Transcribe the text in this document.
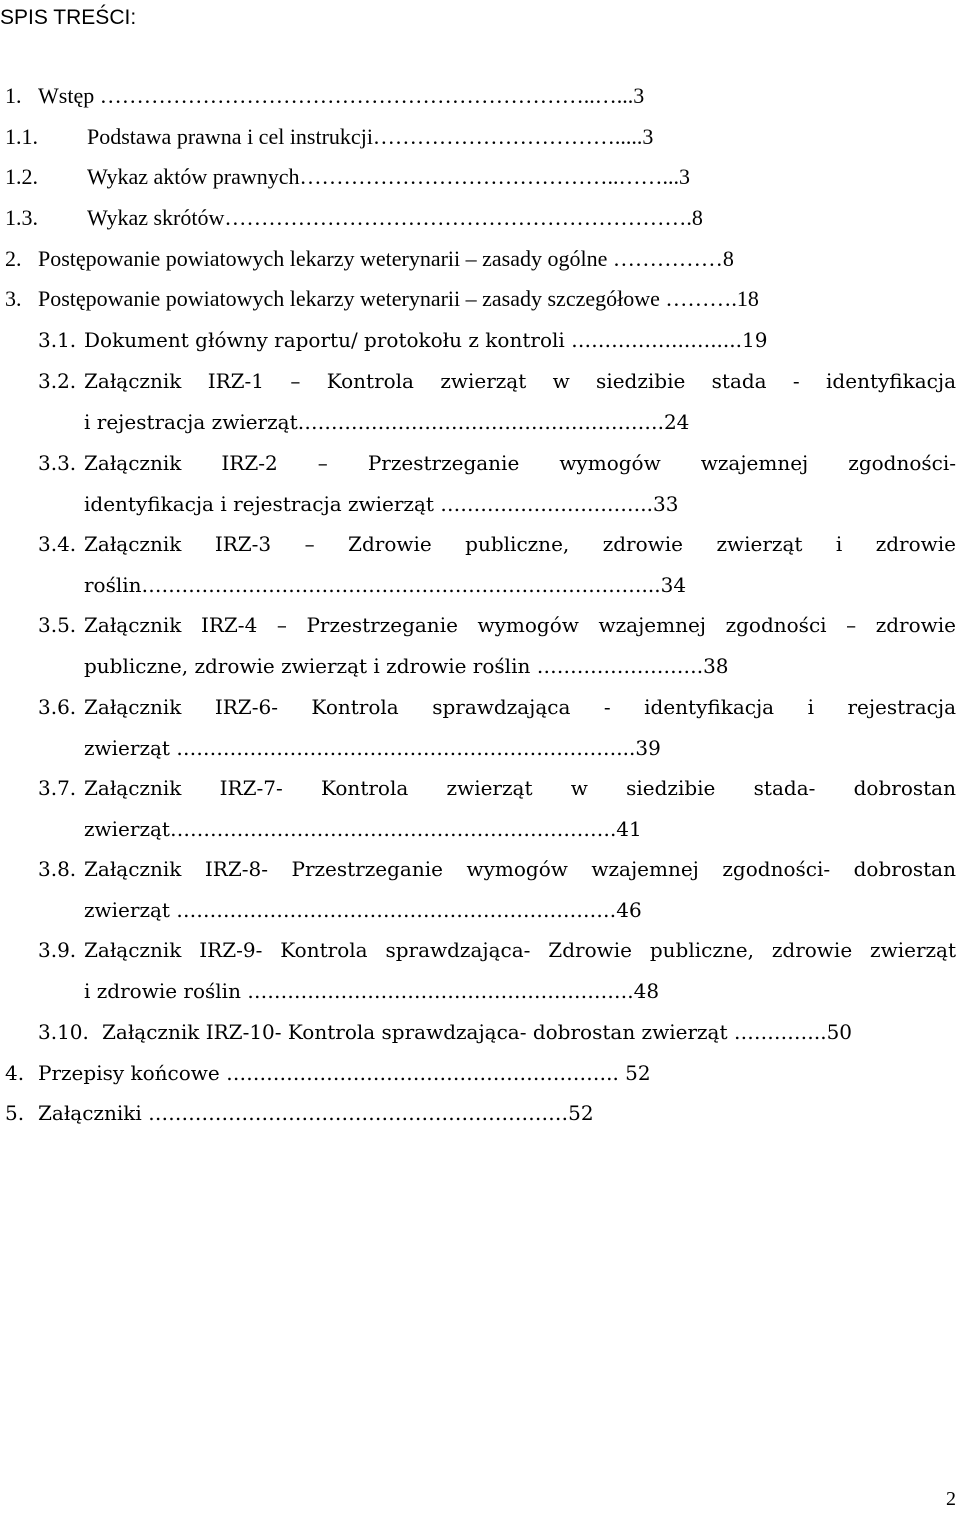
SPIS TREŚCI:
1. Wstęp …………………………………………………………..…...3
1.1. Podstawa prawna i cel instrukcji…………………………….....3
1.2. Wykaz aktów prawnych……………………………………..……...3
1.3. Wykaz skrótów……………………………………………………….8
2. Postępowanie powiatowych lekarzy weterynarii – zasady ogólne ……………8
3. Postępowanie powiatowych lekarzy weterynarii – zasady szczegółowe ……….18
3.1. Dokument główny raportu/ protokołu z kontroli ……………...….....19
3.2. Załącznik IRZ-1 – Kontrola zwierząt w siedzibie stada - identyfikacja
i rejestracja zwierząt……………………………………………….24
3.3. Załącznik IRZ-2 – Przestrzeganie wymogów wzajemnej zgodności-
identyfikacja i rejestracja zwierząt …………………………..33
3.4. Załącznik IRZ-3 – Zdrowie publiczne, zdrowie zwierząt i zdrowie
roślin…………………………………………………………………...34
3.5. Załącznik IRZ-4 – Przestrzeganie wymogów wzajemnej zgodności – zdrowie
publiczne, zdrowie zwierząt i zdrowie roślin …………………….38
3.6. Załącznik IRZ-6- Kontrola sprawdzająca - identyfikacja i rejestracja
zwierząt …………………………………………………………...39
3.7. Załącznik IRZ-7- Kontrola zwierząt w siedzibie stada- dobrostan
zwierząt………………………………………………………….41
3.8. Załącznik IRZ-8- Przestrzeganie wymogów wzajemnej zgodności- dobrostan
zwierząt …………………………………………………………46
3.9. Załącznik IRZ-9- Kontrola sprawdzająca- Zdrowie publiczne, zdrowie zwierząt
i zdrowie roślin ………………………………………………….48
3.10. Załącznik IRZ-10- Kontrola sprawdzająca- dobrostan zwierząt …………..50
4. Przepisy końcowe ………………………………………………….. 52
5. Załączniki ………………………………………………………52
2
